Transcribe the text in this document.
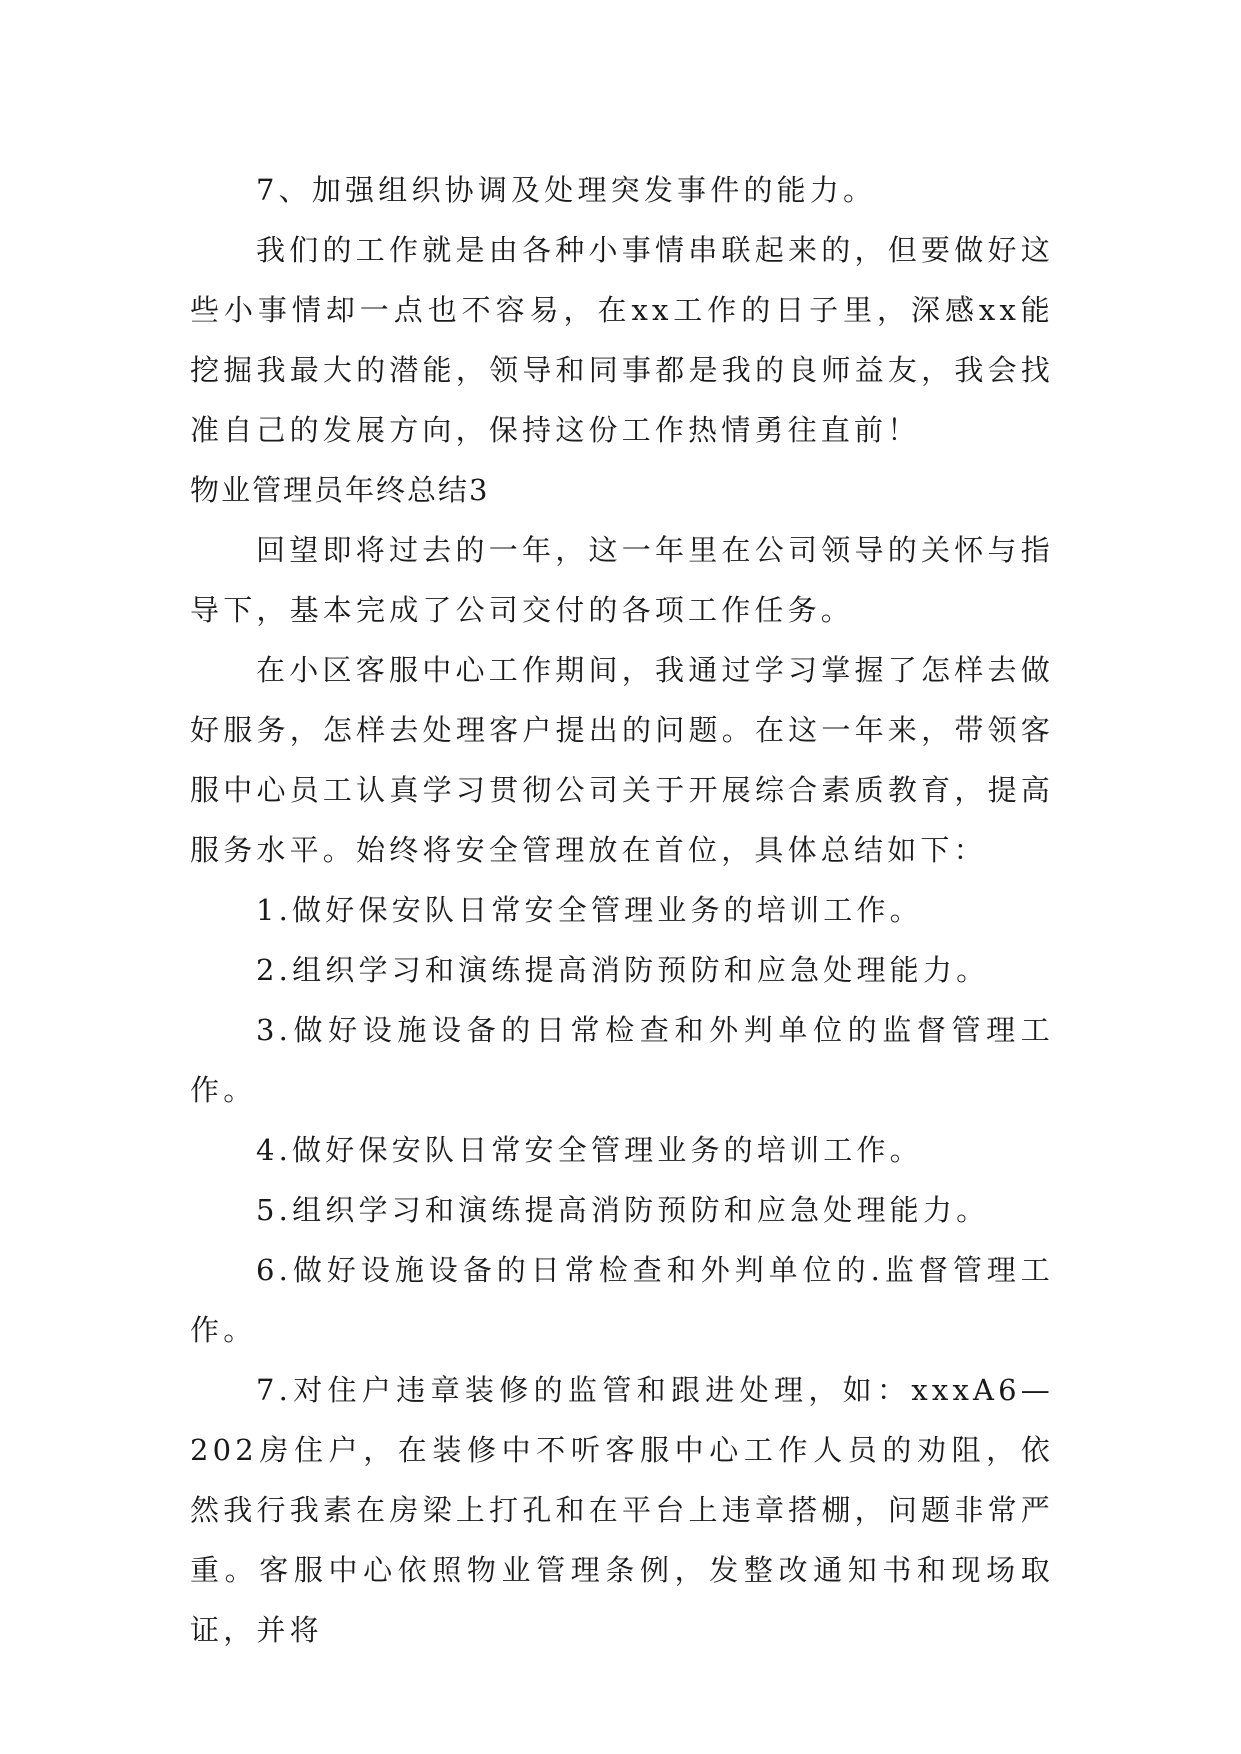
7、加强组织协调及处理突发事件的能力。

我们的工作就是由各种小事情串联起来的，但要做好这些小事情却一点也不容易，在xx工作的日子里，深感xx能挖掘我最大的潜能，领导和同事都是我的良师益友，我会找准自己的发展方向，保持这份工作热情勇往直前！

物业管理员年终总结3

回望即将过去的一年，这一年里在公司领导的关怀与指导下，基本完成了公司交付的各项工作任务。

在小区客服中心工作期间，我通过学习掌握了怎样去做好服务，怎样去处理客户提出的问题。在这一年来，带领客服中心员工认真学习贯彻公司关于开展综合素质教育，提高服务水平。始终将安全管理放在首位，具体总结如下：

1.做好保安队日常安全管理业务的培训工作。

2.组织学习和演练提高消防预防和应急处理能力。

3.做好设施设备的日常检查和外判单位的监督管理工作。

4.做好保安队日常安全管理业务的培训工作。

5.组织学习和演练提高消防预防和应急处理能力。

6.做好设施设备的日常检查和外判单位的.监督管理工作。

7.对住户违章装修的监管和跟进处理，如：xxxA6—202房住户，在装修中不听客服中心工作人员的劝阻，依然我行我素在房梁上打孔和在平台上违章搭棚，问题非常严重。客服中心依照物业管理条例，发整改通知书和现场取证，并将
